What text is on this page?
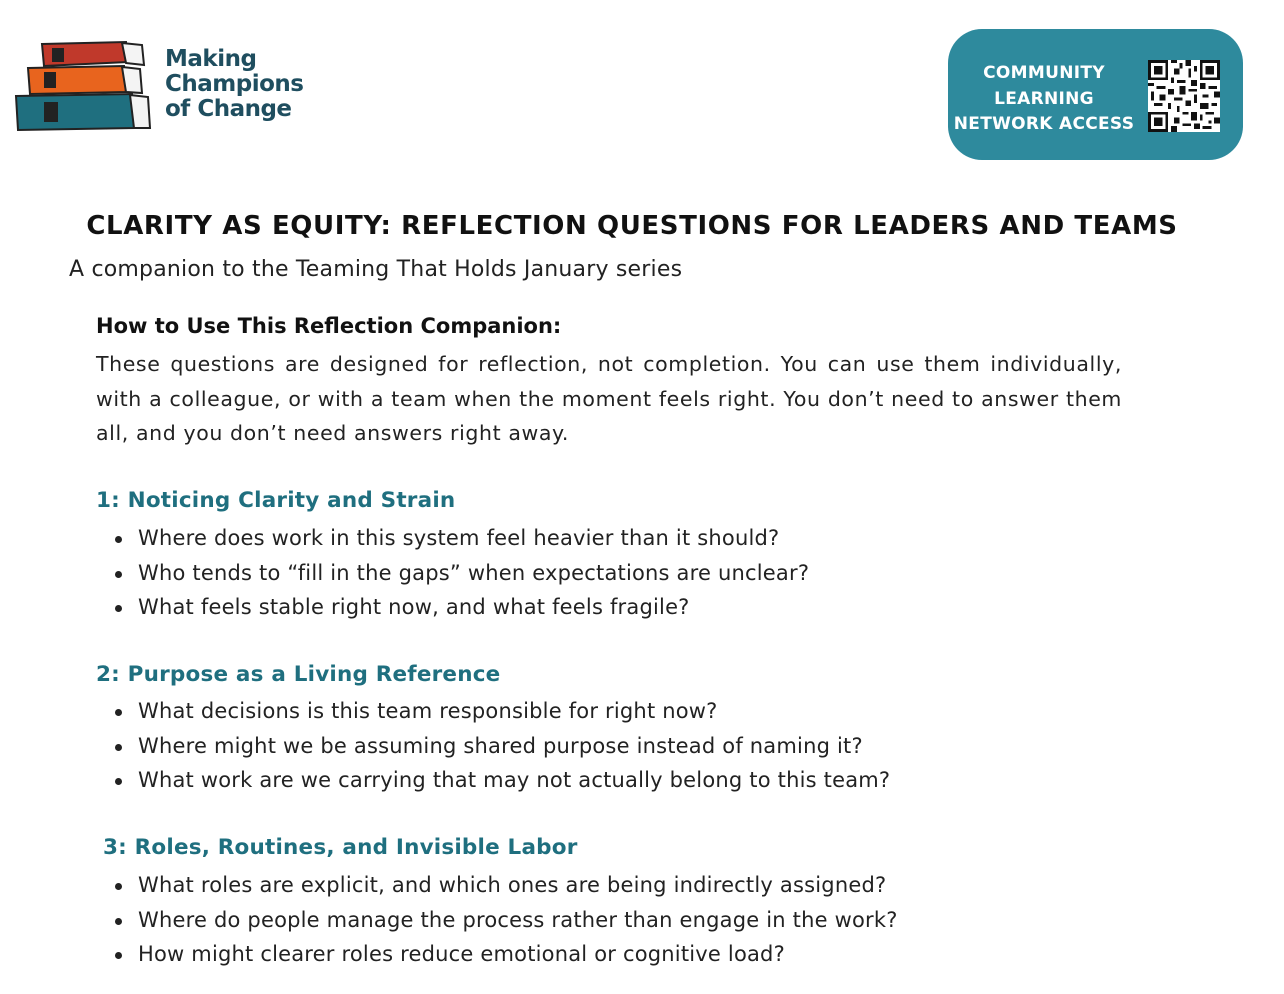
Making
Champions
of Change
COMMUNITY
LEARNING
NETWORK ACCESS
CLARITY AS EQUITY: REFLECTION QUESTIONS FOR LEADERS AND TEAMS
A companion to the Teaming That Holds January series
How to Use This Reflection Companion:
These questions are designed for reflection, not completion. You can use them individually, with a colleague, or with a team when the moment feels right. You don’t need to answer them all, and you don’t need answers right away.
1: Noticing Clarity and Strain
Where does work in this system feel heavier than it should?
Who tends to “fill in the gaps” when expectations are unclear?
What feels stable right now, and what feels fragile?
2: Purpose as a Living Reference
What decisions is this team responsible for right now?
Where might we be assuming shared purpose instead of naming it?
What work are we carrying that may not actually belong to this team?
3: Roles, Routines, and Invisible Labor
What roles are explicit, and which ones are being indirectly assigned?
Where do people manage the process rather than engage in the work?
How might clearer roles reduce emotional or cognitive load?
